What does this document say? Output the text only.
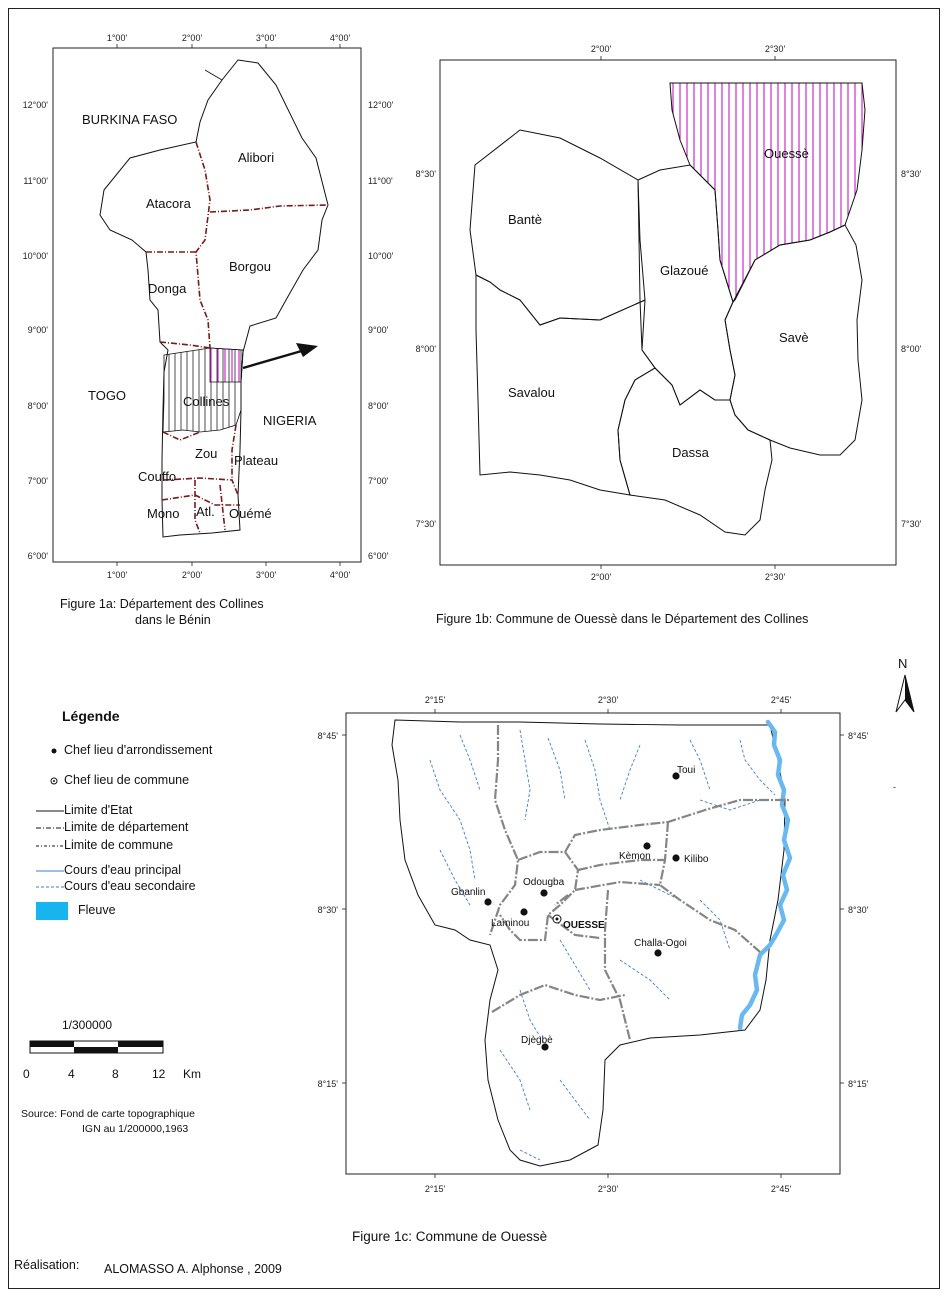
1°00'	2°00'	3°00'	4°00'
1°00'	2°00'	3°00'	4°00'
12°00'
11°00'
10°00'
9°00'
8°00'
7°00'
6°00'
12°00'
11°00'
10°00'
9°00'
8°00'
7°00'
6°00'
BURKINA FASO
TOGO
NIGERIA
Alibori
Atacora
Borgou
Donga
Collines
Zou Plateau
Couffo
Mono Atl. Ouémé
2°00'	2°30'
2°00'	2°30'
8°30'
8°00'
7°30'
8°30'
8°00'
7°30'
Ouessè
Bantè
Glazoué
Savè
Savalou
Dassa
2°15'	2°30'	2°45'
2°15'	2°30'	2°45'
8°45'
8°30'
8°15'
8°45'
8°30'
8°15'
-
N
Toui
Kèmon	Kilibo
Odougba
Gbanlin
Laminou	OUESSE
Challa-Ogoi
Djègbè
Figure 1a: Département des Collines
dans le Bénin	Figure 1b: Commune de Ouessè dans le Département des Collines
Figure 1c: Commune de Ouessè
Légende
Chef lieu d'arrondissement
Chef lieu de commune
Limite d'Etat
Limite de département
Limite de commune
Cours d'eau principal
Cours d'eau secondaire
Fleuve
1/300000
0	4	8	12 Km
Source: Fond de carte topographique
IGN au 1/200000,1963
Réalisation: ALOMASSO A. Alphonse , 2009
